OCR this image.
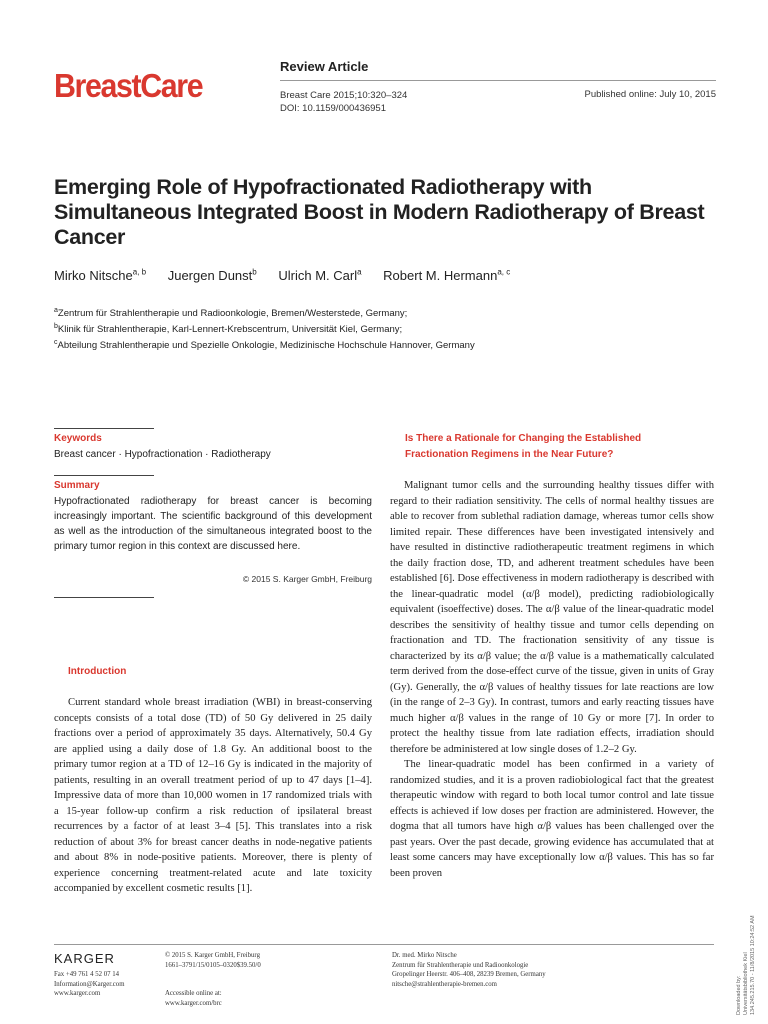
BreastCare
Review Article
Breast Care 2015;10:320–324
DOI: 10.1159/000436951
Published online: July 10, 2015
Emerging Role of Hypofractionated Radiotherapy with Simultaneous Integrated Boost in Modern Radiotherapy of Breast Cancer
Mirko Nitsche$^{a, b}$ Juergen Dunst$^b$ Ulrich M. Carl$^a$ Robert M. Hermann$^{a, c}$
$^a$Zentrum für Strahlentherapie und Radioonkologie, Bremen/Westerstede, Germany;
$^b$Klinik für Strahlentherapie, Karl-Lennert-Krebscentrum, Universität Kiel, Germany;
$^c$Abteilung Strahlentherapie und Spezielle Onkologie, Medizinische Hochschule Hannover, Germany
Keywords
Breast cancer · Hypofractionation · Radiotherapy
Summary
Hypofractionated radiotherapy for breast cancer is becoming increasingly important. The scientific background of this development as well as the introduction of the simultaneous integrated boost to the primary tumor region in this context are discussed here.
© 2015 S. Karger GmbH, Freiburg
Introduction

Current standard whole breast irradiation (WBI) in breast-conserving concepts consists of a total dose (TD) of 50 Gy delivered in 25 daily fractions over a period of approximately 35 days. Alternatively, 50.4 Gy are applied using a daily dose of 1.8 Gy. An additional boost to the primary tumor region at a TD of 12–16 Gy is indicated in the majority of patients, resulting in an overall treatment period of up to 47 days [1–4]. Impressive data of more than 10,000 women in 17 randomized trials with a 15-year follow-up confirm a risk reduction of ipsilateral breast recurrences by a factor of at least 3–4 [5]. This translates into a risk reduction of about 3% for breast cancer deaths in node-negative patients and about 8% in node-positive patients. Moreover, there is plenty of experience concerning treatment-related acute and late toxicity accompanied by excellent cosmetic results [1].

Is There a Rationale for Changing the Established
Fractionation Regimens in the Near Future?

Malignant tumor cells and the surrounding healthy tissues differ with regard to their radiation sensitivity. The cells of normal healthy tissues are able to recover from sublethal radiation damage, whereas tumor cells show limited repair. These differences have been investigated intensively and have resulted in distinctive radiotherapeutic treatment regimens in which the daily fraction dose, TD, and adherent treatment schedules have been established [6]. Dose effectiveness in modern radiotherapy is described with the linear-quadratic model (α/β model), predicting radiobiologically equivalent (isoeffective) doses. The α/β value of the linear-quadratic model describes the sensitivity of healthy tissue and tumor cells depending on fractionation and TD. The fractionation sensitivity of any tissue is characterized by its α/β value; the α/β value is a mathematically calculated term derived from the dose-effect curve of the tissue, given in units of Gray (Gy). Generally, the α/β values of healthy tissues for late reactions are low (in the range of 2–3 Gy). In contrast, tumors and early reacting tissues have much higher α/β values in the range of 10 Gy or more [7]. In order to protect the healthy tissue from late radiation effects, irradiation should therefore be administered at low single doses of 1.2–2 Gy.

The linear-quadratic model has been confirmed in a variety of randomized studies, and it is a proven radiobiological fact that the greatest therapeutic window with regard to both local tumor control and late tissue effects is achieved if low doses per fraction are administered. However, the dogma that all tumors have high α/β values has been challenged over the past years. Over the past decade, growing evidence has accumulated that at least some cancers may have exceptionally low α/β values. This has so far been proven

KARGER
Fax +49 761 4 52 07 14
Information@Karger.com
www.karger.com
© 2015 S. Karger GmbH, Freiburg
1661–3791/15/0105–0320$39.50/0
Accessible online at:
www.karger.com/brc
Dr. med. Mirko Nitsche
Zentrum für Strahlentherapie und Radioonkologie
Gropelinger Heerstr. 406–408, 28239 Bremen, Germany
nitsche@strahlentherapie-bremen.com	Downloaded by: Universitätsbibliothek Kiel 134.245.215.70 - 11/8/2015 10:24:52 AM
